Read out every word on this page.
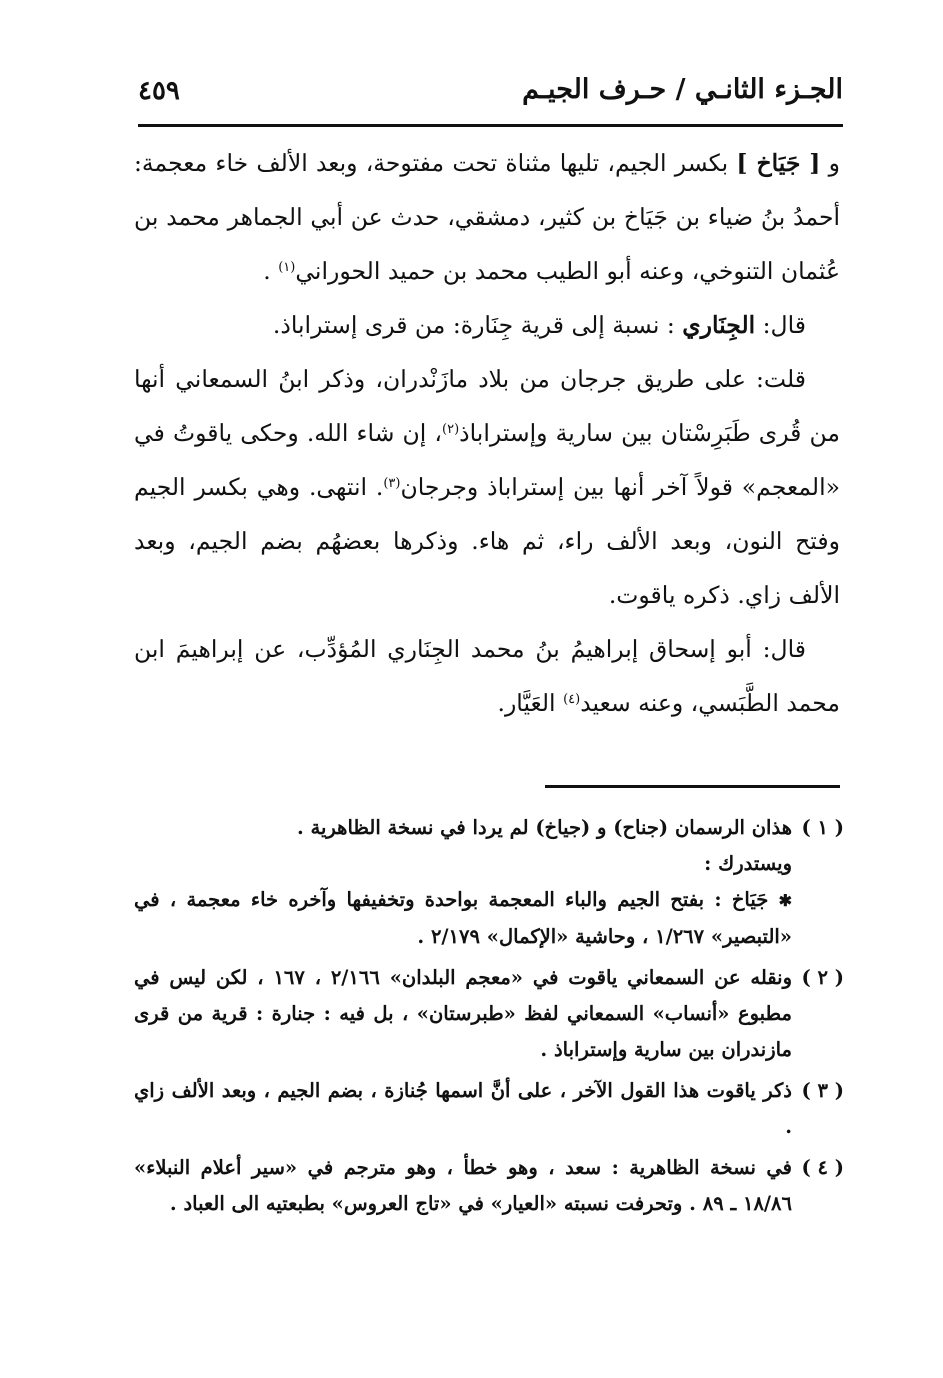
الجـزء الثانـي / حـرف الجيـم
٤٥٩

و [ جَيَاخ ] بكسر الجيم، تليها مثناة تحت مفتوحة، وبعد الألف خاء معجمة: أحمدُ بنُ ضياء بن جَيَاخ بن كثير، دمشقي، حدث عن أبي الجماهر محمد بن عُثمان التنوخي، وعنه أبو الطيب محمد بن حميد الحوراني$^{(١)}$ .

قال: الجِنَاري : نسبة إلى قرية جِنَارة: من قرى إستراباذ.

قلت: على طريق جرجان من بلاد مازَنْدران، وذكر ابنُ السمعاني أنها من قُرى طَبَرِسْتان بين سارية وإستراباذ$^{(٢)}$، إن شاء الله. وحكى ياقوتُ في «المعجم» قولاً آخر أنها بين إستراباذ وجرجان$^{(٣)}$. انتهى. وهي بكسر الجيم وفتح النون، وبعد الألف راء، ثم هاء. وذكرها بعضهُم بضم الجيم، وبعد الألف زاي. ذكره ياقوت.

قال: أبو إسحاق إبراهيمُ بنُ محمد الجِنَاري المُؤدِّب، عن إبراهيمَ ابن محمد الطَّبَسي، وعنه سعيد$^{(٤)}$ العَيَّار.

( ١ )
هذان الرسمان (جناح) و (جياخ) لم يردا في نسخة الظاهرية .
ويستدرك :
✱ جَيَاخ : بفتح الجيم والباء المعجمة بواحدة وتخفيفها وآخره خاء معجمة ، في «التبصير» ١/٢٦٧ ، وحاشية «الإكمال» ٢/١٧٩ .
( ٢ )
ونقله عن السمعاني ياقوت في «معجم البلدان» ٢/١٦٦ ، ١٦٧ ، لكن ليس في مطبوع «أنساب» السمعاني لفظ «طبرستان» ، بل فيه : جنارة : قرية من قرى مازندران بين سارية وإستراباذ .
( ٣ )
ذكر ياقوت هذا القول الآخر ، على أنَّ اسمها جُنازة ، بضم الجيم ، وبعد الألف زاي .
( ٤ )
في نسخة الظاهرية : سعد ، وهو خطأ ، وهو مترجم في «سير أعلام النبلاء» ١٨/٨٦ ـ ٨٩ . وتحرفت نسبته «العيار» في «تاج العروس» بطبعتيه الى العباد .
